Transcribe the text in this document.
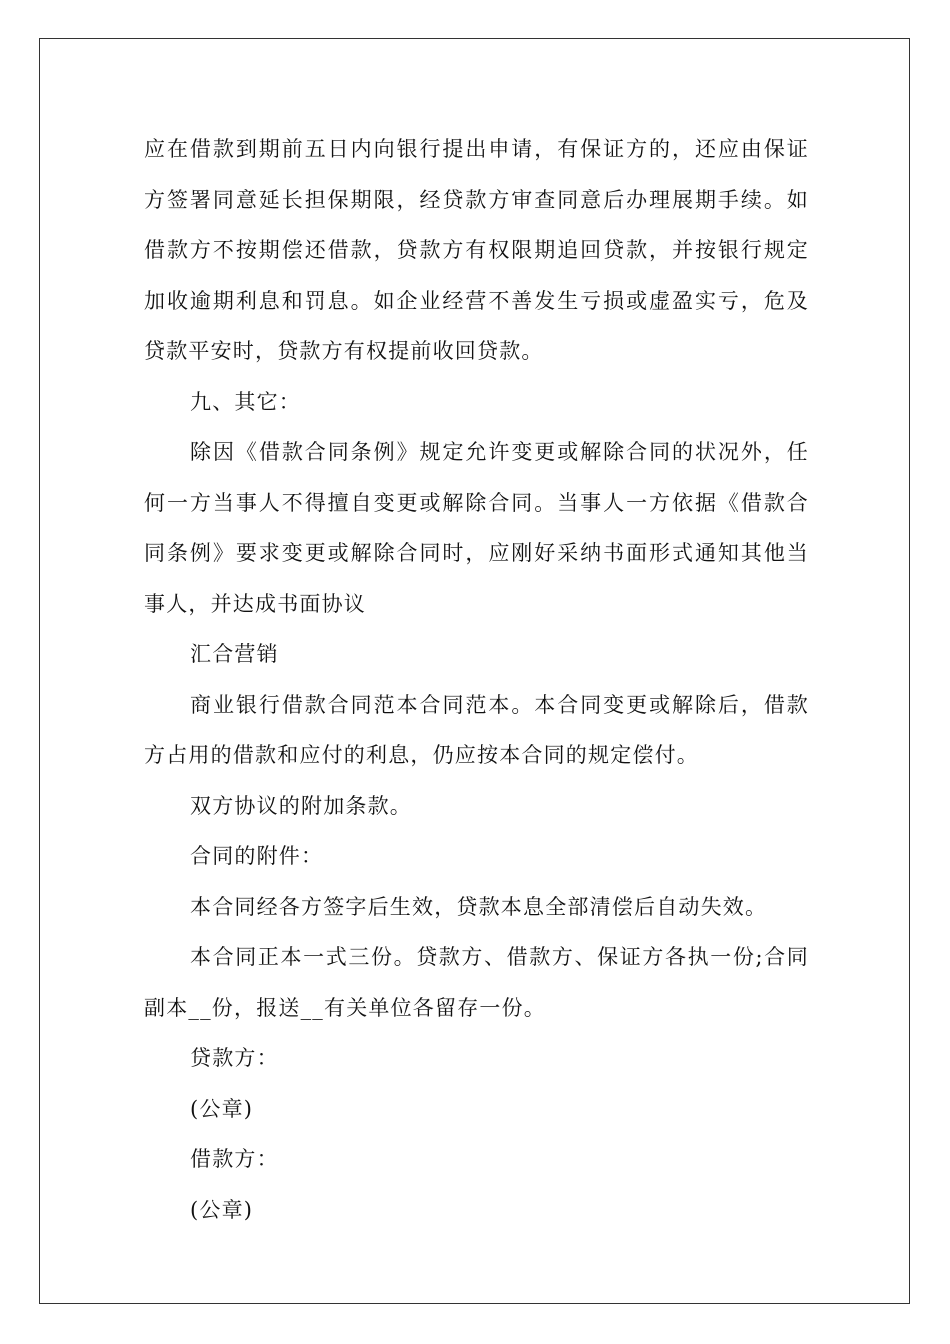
应在借款到期前五日内向银行提出申请，有保证方的，还应由保证方签署同意延长担保期限，经贷款方审查同意后办理展期手续。如借款方不按期偿还借款，贷款方有权限期追回贷款，并按银行规定加收逾期利息和罚息。如企业经营不善发生亏损或虚盈实亏，危及贷款平安时，贷款方有权提前收回贷款。

九、其它：

除因《借款合同条例》规定允许变更或解除合同的状况外，任何一方当事人不得擅自变更或解除合同。当事人一方依据《借款合同条例》要求变更或解除合同时，应刚好采纳书面形式通知其他当事人，并达成书面协议

汇合营销

商业银行借款合同范本合同范本。本合同变更或解除后，借款方占用的借款和应付的利息，仍应按本合同的规定偿付。

双方协议的附加条款。

合同的附件：

本合同经各方签字后生效，贷款本息全部清偿后自动失效。

本合同正本一式三份。贷款方、借款方、保证方各执一份;合同副本__份，报送__有关单位各留存一份。

贷款方：

(公章)

借款方：

(公章)
